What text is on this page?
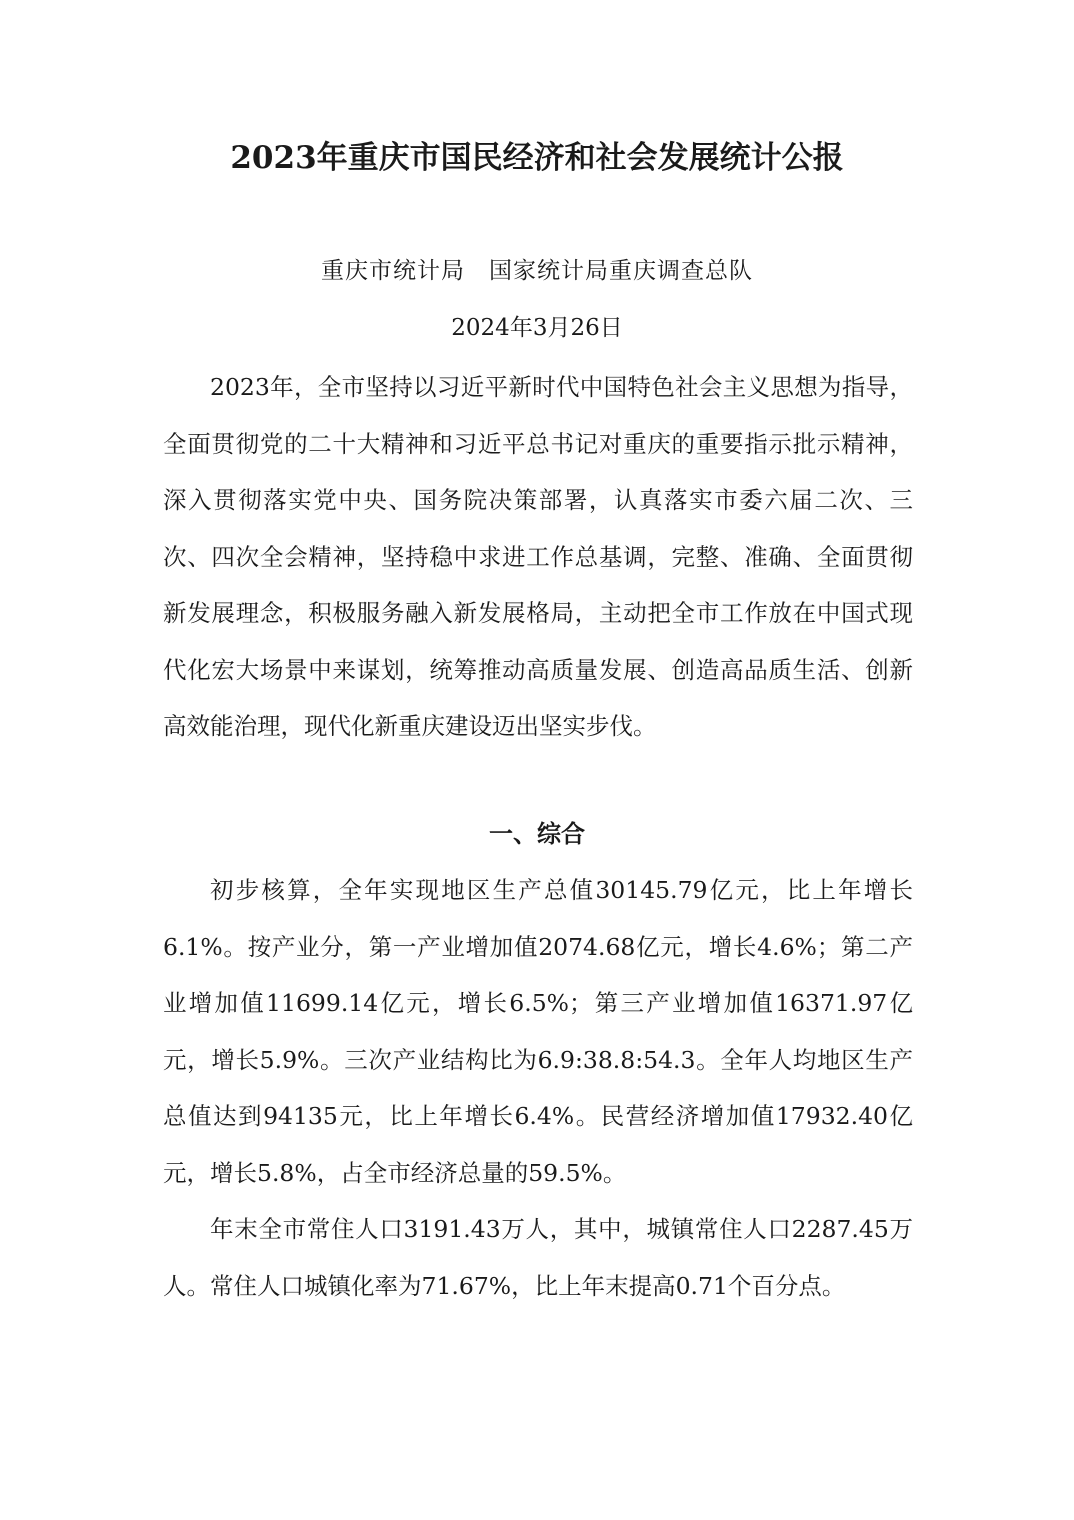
2023年重庆市国民经济和社会发展统计公报

重庆市统计局　国家统计局重庆调查总队

2024年3月26日

2023年，全市坚持以习近平新时代中国特色社会主义思想为指导，全面贯彻党的二十大精神和习近平总书记对重庆的重要指示批示精神，深入贯彻落实党中央、国务院决策部署，认真落实市委六届二次、三次、四次全会精神，坚持稳中求进工作总基调，完整、准确、全面贯彻新发展理念，积极服务融入新发展格局，主动把全市工作放在中国式现代化宏大场景中来谋划，统筹推动高质量发展、创造高品质生活、创新高效能治理，现代化新重庆建设迈出坚实步伐。

一、综合

初步核算，全年实现地区生产总值30145.79亿元，比上年增长6.1%。按产业分，第一产业增加值2074.68亿元，增长4.6%；第二产业增加值11699.14亿元，增长6.5%；第三产业增加值16371.97亿元，增长5.9%。三次产业结构比为6.9:38.8:54.3。全年人均地区生产总值达到94135元，比上年增长6.4%。民营经济增加值17932.40亿元，增长5.8%，占全市经济总量的59.5%。

年末全市常住人口3191.43万人，其中，城镇常住人口2287.45万人。常住人口城镇化率为71.67%，比上年末提高0.71个百分点。
